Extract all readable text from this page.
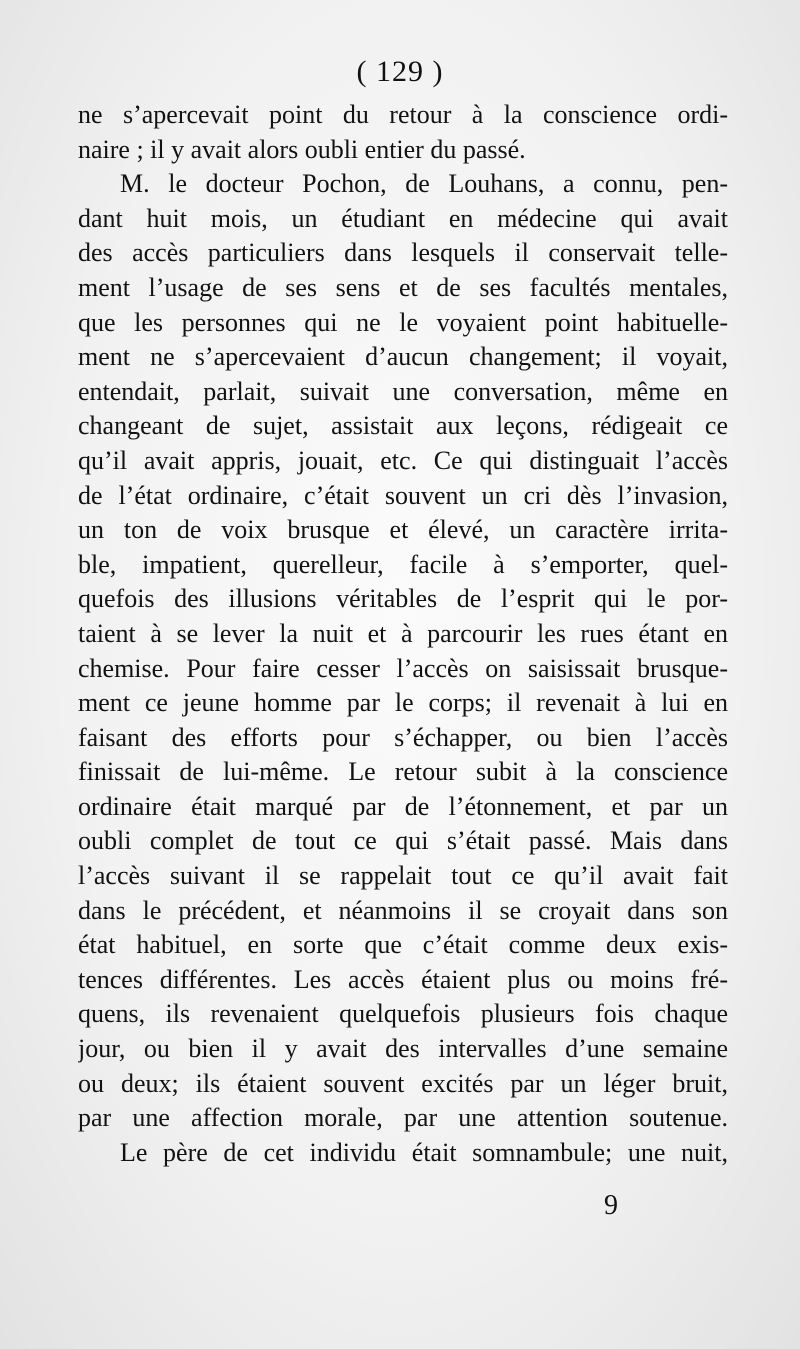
( 129 )
ne s’apercevait point du retour à la conscience ordi-
naire ; il y avait alors oubli entier du passé.
M. le docteur Pochon, de Louhans, a connu, pen-
dant huit mois, un étudiant en médecine qui avait
des accès particuliers dans lesquels il conservait telle-
ment l’usage de ses sens et de ses facultés mentales,
que les personnes qui ne le voyaient point habituelle-
ment ne s’apercevaient d’aucun changement; il voyait,
entendait, parlait, suivait une conversation, même en
changeant de sujet, assistait aux leçons, rédigeait ce
qu’il avait appris, jouait, etc. Ce qui distinguait l’accès
de l’état ordinaire, c’était souvent un cri dès l’invasion,
un ton de voix brusque et élevé, un caractère irrita-
ble, impatient, querelleur, facile à s’emporter, quel-
quefois des illusions véritables de l’esprit qui le por-
taient à se lever la nuit et à parcourir les rues étant en
chemise. Pour faire cesser l’accès on saisissait brusque-
ment ce jeune homme par le corps; il revenait à lui en
faisant des efforts pour s’échapper, ou bien l’accès
finissait de lui-même. Le retour subit à la conscience
ordinaire était marqué par de l’étonnement, et par un
oubli complet de tout ce qui s’était passé. Mais dans
l’accès suivant il se rappelait tout ce qu’il avait fait
dans le précédent, et néanmoins il se croyait dans son
état habituel, en sorte que c’était comme deux exis-
tences différentes. Les accès étaient plus ou moins fré-
quens, ils revenaient quelquefois plusieurs fois chaque
jour, ou bien il y avait des intervalles d’une semaine
ou deux; ils étaient souvent excités par un léger bruit,
par une affection morale, par une attention soutenue.
Le père de cet individu était somnambule; une nuit,
9
